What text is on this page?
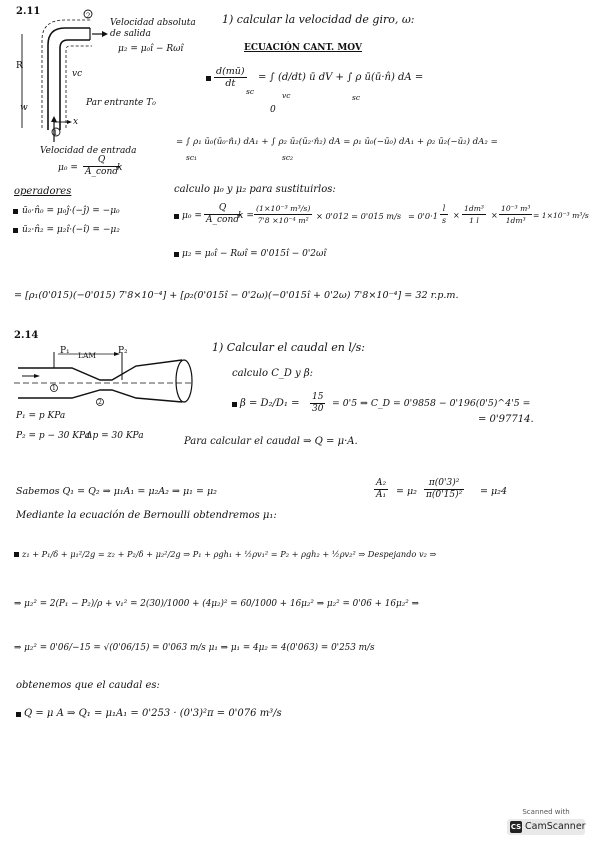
2.11	2
R
w
1
x
vc
Velocidad absoluta de salida
μ₂ = μ₀î − Rωî
Par entrante T₀
Velocidad de entrada
μ₀ =
Q
A_cond
k
1) calcular la velocidad de giro, ω:
ECUACIÓN CANT. MOV
$\frac{d(mū)}{dt}$
sc
= ∫ (d/dt) ū dV + ∫ ρ ū(ū·n̂) dA =
vc	sc
0
= ∫ ρ₁ ū₀(ū₀·n̂₁) dA₁ + ∫ ρ₂ ū₂(ū₂·n̂₂) dA = ρ₁ ū₀(−ū₀) dA₁ + ρ₂ ū₂(−ū₂) dA₂ =
sc₁	sc₂
operadores
ū₀·n̂₀ = μ₀ĵ·(−ĵ) = −μ₀
ū₂·n̂₂ = μ₂î·(−î) = −μ₂
calculo μ₀ y μ₂ para sustituirlos:
μ₀ =
Q
A_cond
$k = \frac{\text{(1×10⁻³ m³/s)}}{\text{7'8 ×10⁻⁴ m²}} \times 0'012 = 0'015$ $m/s = 0'0\cdot 1 \frac{l}{s} \times \frac{\text{1dm³}}{1 l} \times \frac{\text{10⁻³ m³}}{\text{1dm³}} = 1\times 10^{-3}$ m³/s
μ₂ = μ₀î − Rωî = 0'015î − 0'2ωî
= [ρ₁(0'015)(−0'015) 7'8×10⁻⁴] + [ρ₂(0'015î − 0'2ω)(−0'015î + 0'2ω) 7'8×10⁻⁴] = 32 r.p.m.
2.14
P₁ LAM P₂
1
2
P₁ = p KPa
P₂ = p − 30 KPa
Δp = 30 KPa
1) Calcular el caudal en l/s:
calculo C_D y β:
$\beta = D_2/D_1 = \frac{15}{30} = 0'5$ ⇒ C_D = 0'9858 − 0'196(0'5)^4'5 =
= 0'97714.
Para calcular el caudal ⇒ Q = μ·A.
Sabemos Q₁ = Q₂ ⇒ μ₁A₁ = μ₂A₂ ⇒ μ₁ = μ₂	$\frac{\text{A₂}}{\text{A₁}} = \mu_2 \frac{\text{π(0'3)²}}{\text{π(0'15)²}} = \mu_24$
Mediante la ecuación de Bernoulli obtendremos μ₁:
z₁ + P₁/δ + μ₁²/2g = z₂ + P₂/δ + μ₂²/2g ⇒ P₁ + ρgh₁ + ½ρv₁² = P₂ + ρgh₂ + ½ρv₂² ⇒ Despejando v₂ ⇒
⇒ μ₂² = 2(P₁ − P₂)/ρ + v₁² = 2(30)/1000 + (4μ₂)² = 60/1000 + 16μ₂² ⇒ μ₂² = 0'06 + 16μ₂² ⇒
⇒ μ₂² = 0'06/−15 = √(0'06/15) = 0'063 m/s μ₁ ⇒ μ₁ = 4μ₂ = 4(0'063) = 0'253 m/s
obtenemos que el caudal es:
Q = μ A ⇒ Q₁ = μ₁A₁ = 0'253 · (0'3)²π = 0'076 m³/s
Scanned with
CS CamScanner
